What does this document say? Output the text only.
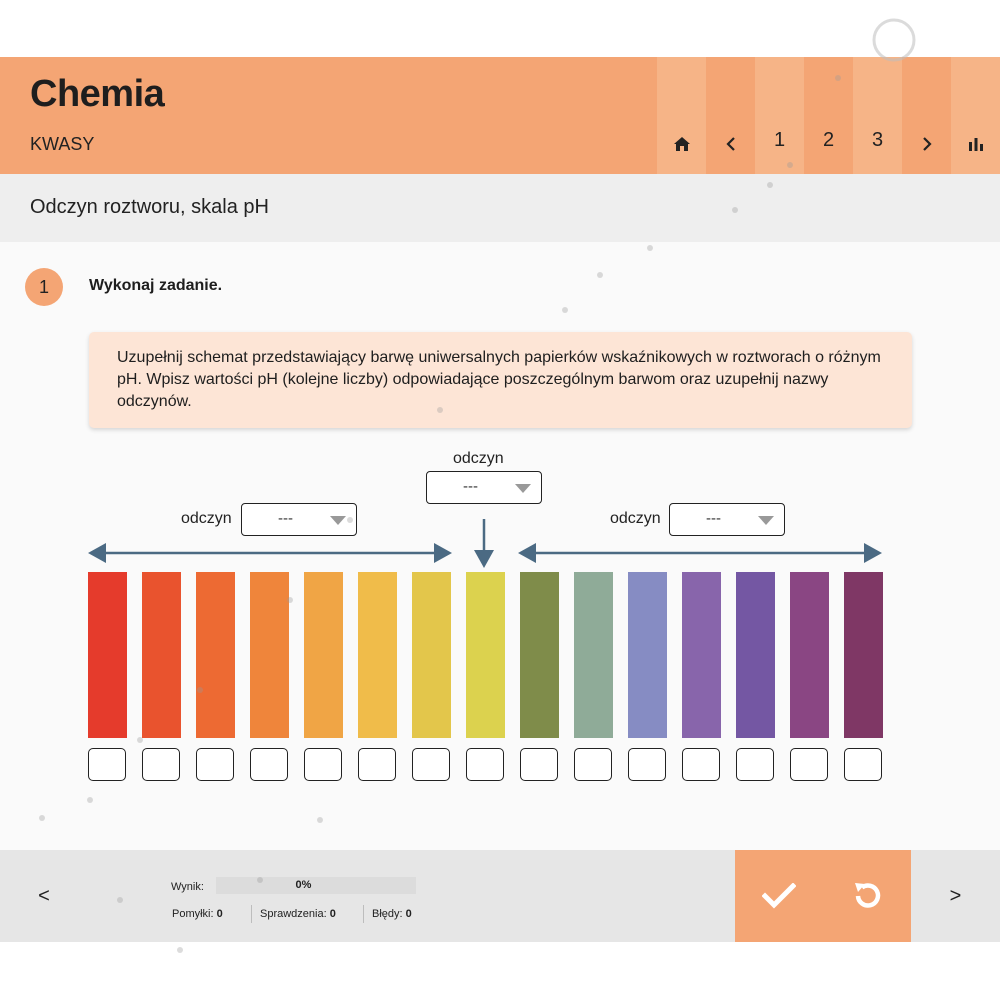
Chemia
KWASY	1	2	3
Odczyn roztworu, skala pH
1	Wykonaj zadanie.
Uzupełnij schemat przedstawiający barwę uniwersalnych papierków wskaźnikowych w roztworach o różnym pH. Wpisz wartości pH (kolejne liczby) odpowiadające poszczególnym barwom oraz uzupełnij nazwy odczynów.
odczyn
---
odczyn	---	odczyn	---
<	Wynik:	0%
Pomyłki: 0	Sprawdzenia: 0	Błędy: 0
>
